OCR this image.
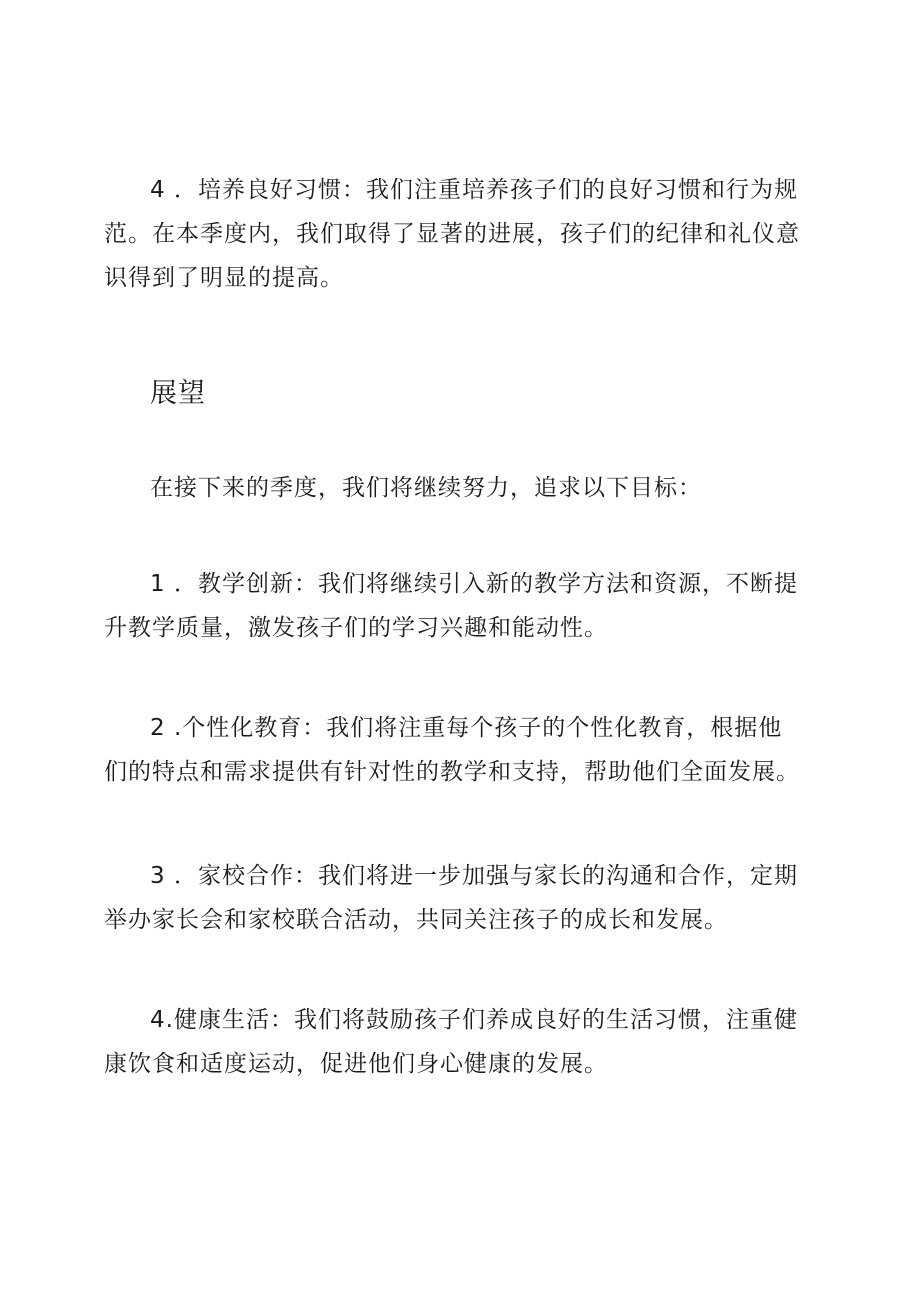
4 ．培养良好习惯：我们注重培养孩子们的良好习惯和行为规范。在本季度内，我们取得了显著的进展，孩子们的纪律和礼仪意识得到了明显的提高。

展望

在接下来的季度，我们将继续努力，追求以下目标：

1 ．教学创新：我们将继续引入新的教学方法和资源，不断提升教学质量，激发孩子们的学习兴趣和能动性。

2 .个性化教育：我们将注重每个孩子的个性化教育，根据他们的特点和需求提供有针对性的教学和支持，帮助他们全面发展。

3 ．家校合作：我们将进一步加强与家长的沟通和合作，定期举办家长会和家校联合活动，共同关注孩子的成长和发展。

4.健康生活：我们将鼓励孩子们养成良好的生活习惯，注重健康饮食和适度运动，促进他们身心健康的发展。
